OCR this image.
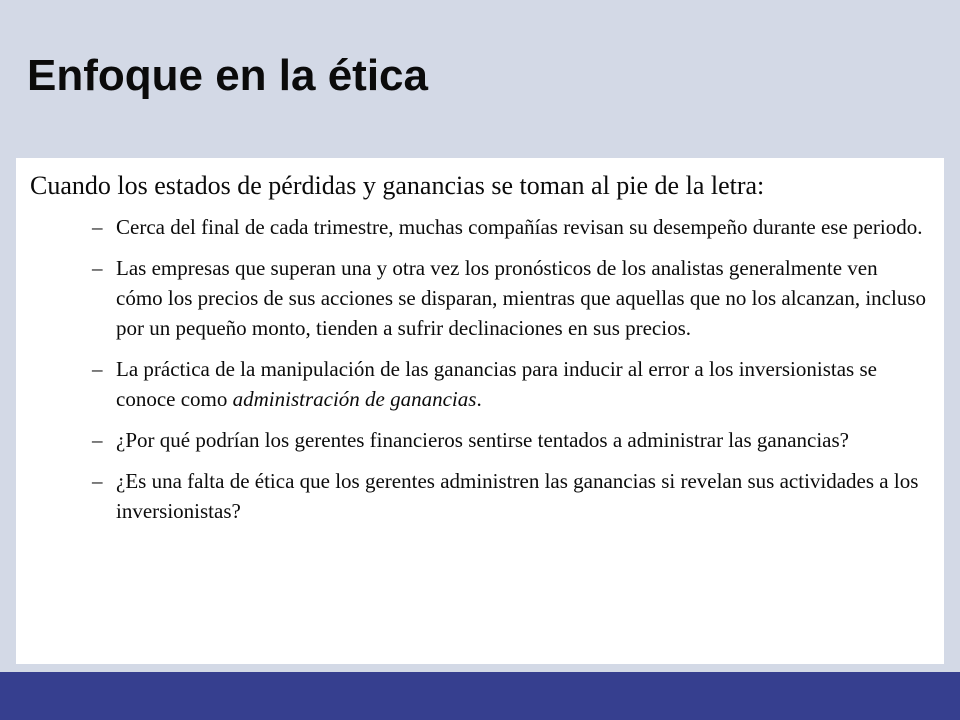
Enfoque en la ética

Cuando los estados de pérdidas y ganancias se toman al pie de la letra:

– Cerca del final de cada trimestre, muchas compañías revisan su desempeño durante ese periodo.
– Las empresas que superan una y otra vez los pronósticos de los analistas generalmente ven cómo los precios de sus acciones se disparan, mientras que aquellas que no los alcanzan, incluso por un pequeño monto, tienden a sufrir declinaciones en sus precios.
– La práctica de la manipulación de las ganancias para inducir al error a los inversionistas se conoce como administración de ganancias.
– ¿Por qué podrían los gerentes financieros sentirse tentados a administrar las ganancias?
– ¿Es una falta de ética que los gerentes administren las ganancias si revelan sus actividades a los inversionistas?
